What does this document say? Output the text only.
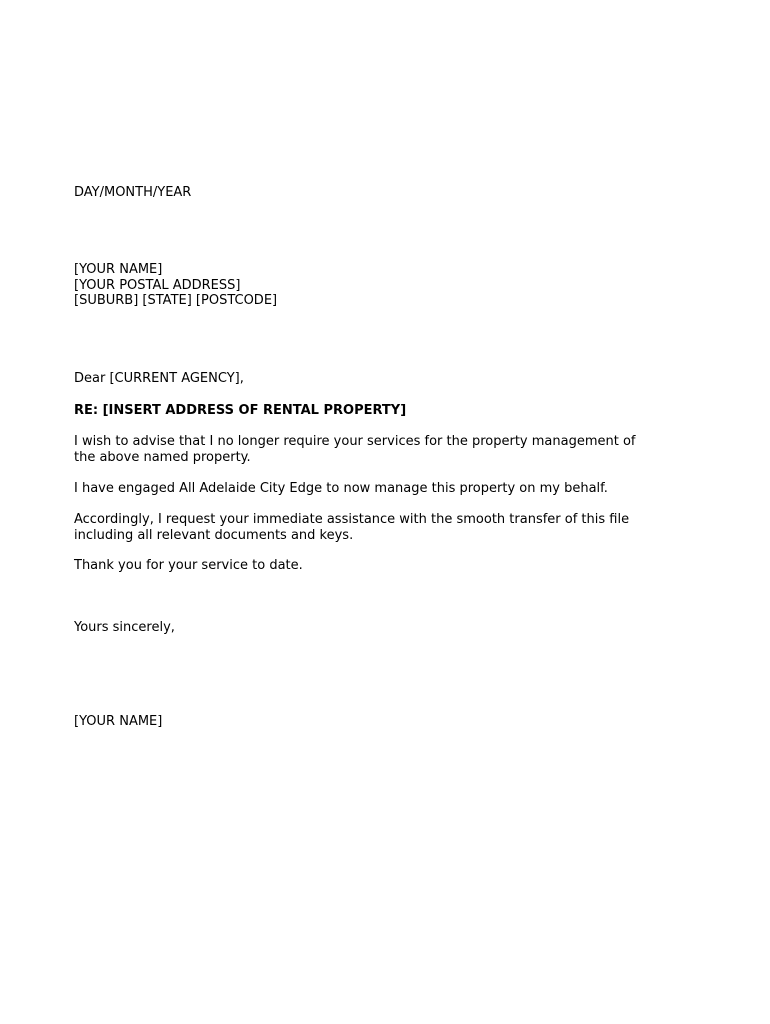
DAY/MONTH/YEAR
[YOUR NAME]
[YOUR POSTAL ADDRESS]
[SUBURB] [STATE] [POSTCODE]
Dear [CURRENT AGENCY],
RE: [INSERT ADDRESS OF RENTAL PROPERTY]
I wish to advise that I no longer require your services for the property management of
the above named property.
I have engaged All Adelaide City Edge to now manage this property on my behalf.
Accordingly, I request your immediate assistance with the smooth transfer of this file
including all relevant documents and keys.
Thank you for your service to date.
Yours sincerely,
[YOUR NAME]
